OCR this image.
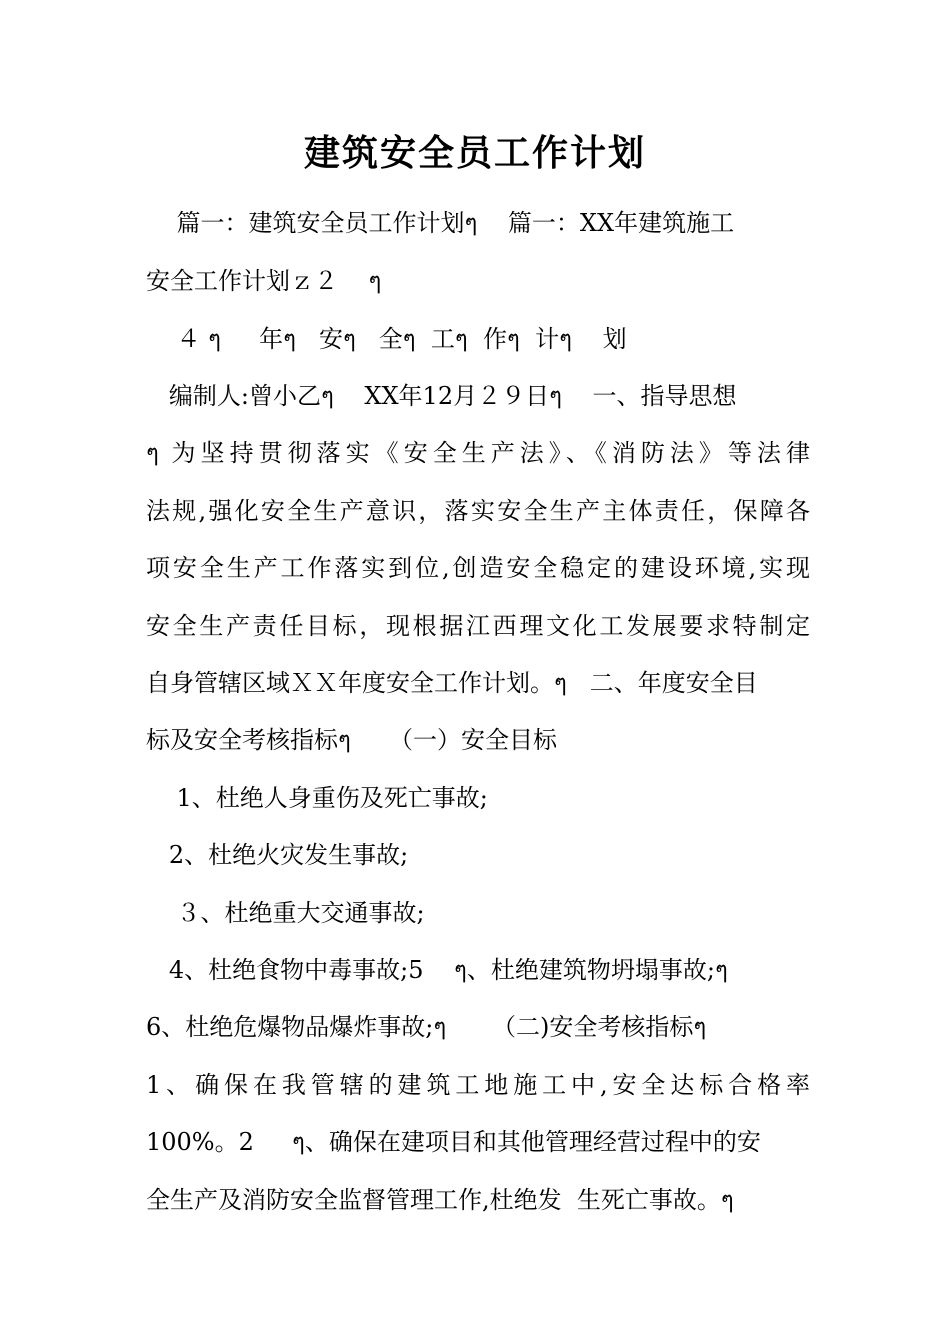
建筑安全员工作计划
篇一：建筑安全员工作计划ๆ    篇一：XX年建筑施工
安全工作计划ｚ２    ๆ
４ ๆ     年ๆ   安ๆ   全ๆ  工ๆ  作ๆ  计ๆ    划
编制人:曾小乙ๆ    XX年12月２９日ๆ    一、指导思想
ๆ 为坚持贯彻落实《安全生产法》、《消防法》等法律
法规,强化安全生产意识，落实安全生产主体责任，保障各
项安全生产工作落实到位,创造安全稳定的建设环境,实现
安全生产责任目标，现根据江西理文化工发展要求特制定
自身管辖区域ＸＸ年度安全工作计划。ๆ   二、年度安全目
标及安全考核指标ๆ     （一）安全目标
1、杜绝人身重伤及死亡事故;
2、杜绝火灾发生事故;
３、杜绝重大交通事故;
4、杜绝食物中毒事故;5    ๆ、杜绝建筑物坍塌事故;ๆ
6、杜绝危爆物品爆炸事故;ๆ      （二)安全考核指标ๆ
1、确保在我管辖的建筑工地施工中,安全达标合格率
100%。2     ๆ、确保在建项目和其他管理经营过程中的安
全生产及消防安全监督管理工作,杜绝发  生死亡事故。ๆ
